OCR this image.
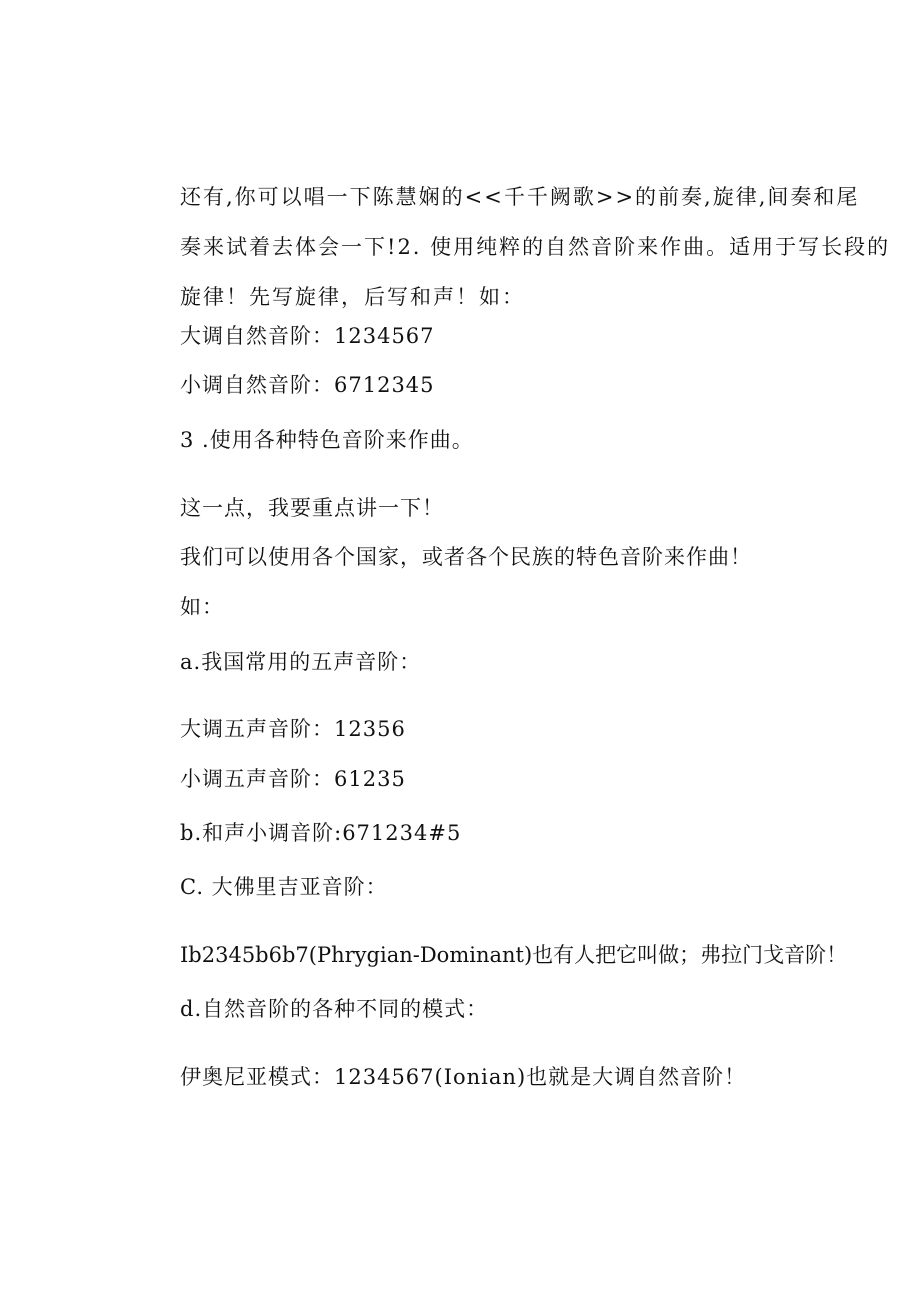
还有,你可以唱一下陈慧娴的<<千千阙歌>>的前奏,旋律,间奏和尾
奏来试着去体会一下!2. 使用纯粹的自然音阶来作曲。适用于写长段的
旋律！先写旋律，后写和声！如：
大调自然音阶：1234567
小调自然音阶：6712345
3 .使用各种特色音阶来作曲。
这一点，我要重点讲一下！
我们可以使用各个国家，或者各个民族的特色音阶来作曲！
如：
a.我国常用的五声音阶：
大调五声音阶：12356
小调五声音阶：61235
b.和声小调音阶:671234#5
C. 大佛里吉亚音阶：
Ib2345b6b7(Phrygian-Dominant)也有人把它叫做；弗拉门戈音阶！
d.自然音阶的各种不同的模式：
伊奥尼亚模式：1234567(Ionian)也就是大调自然音阶！
